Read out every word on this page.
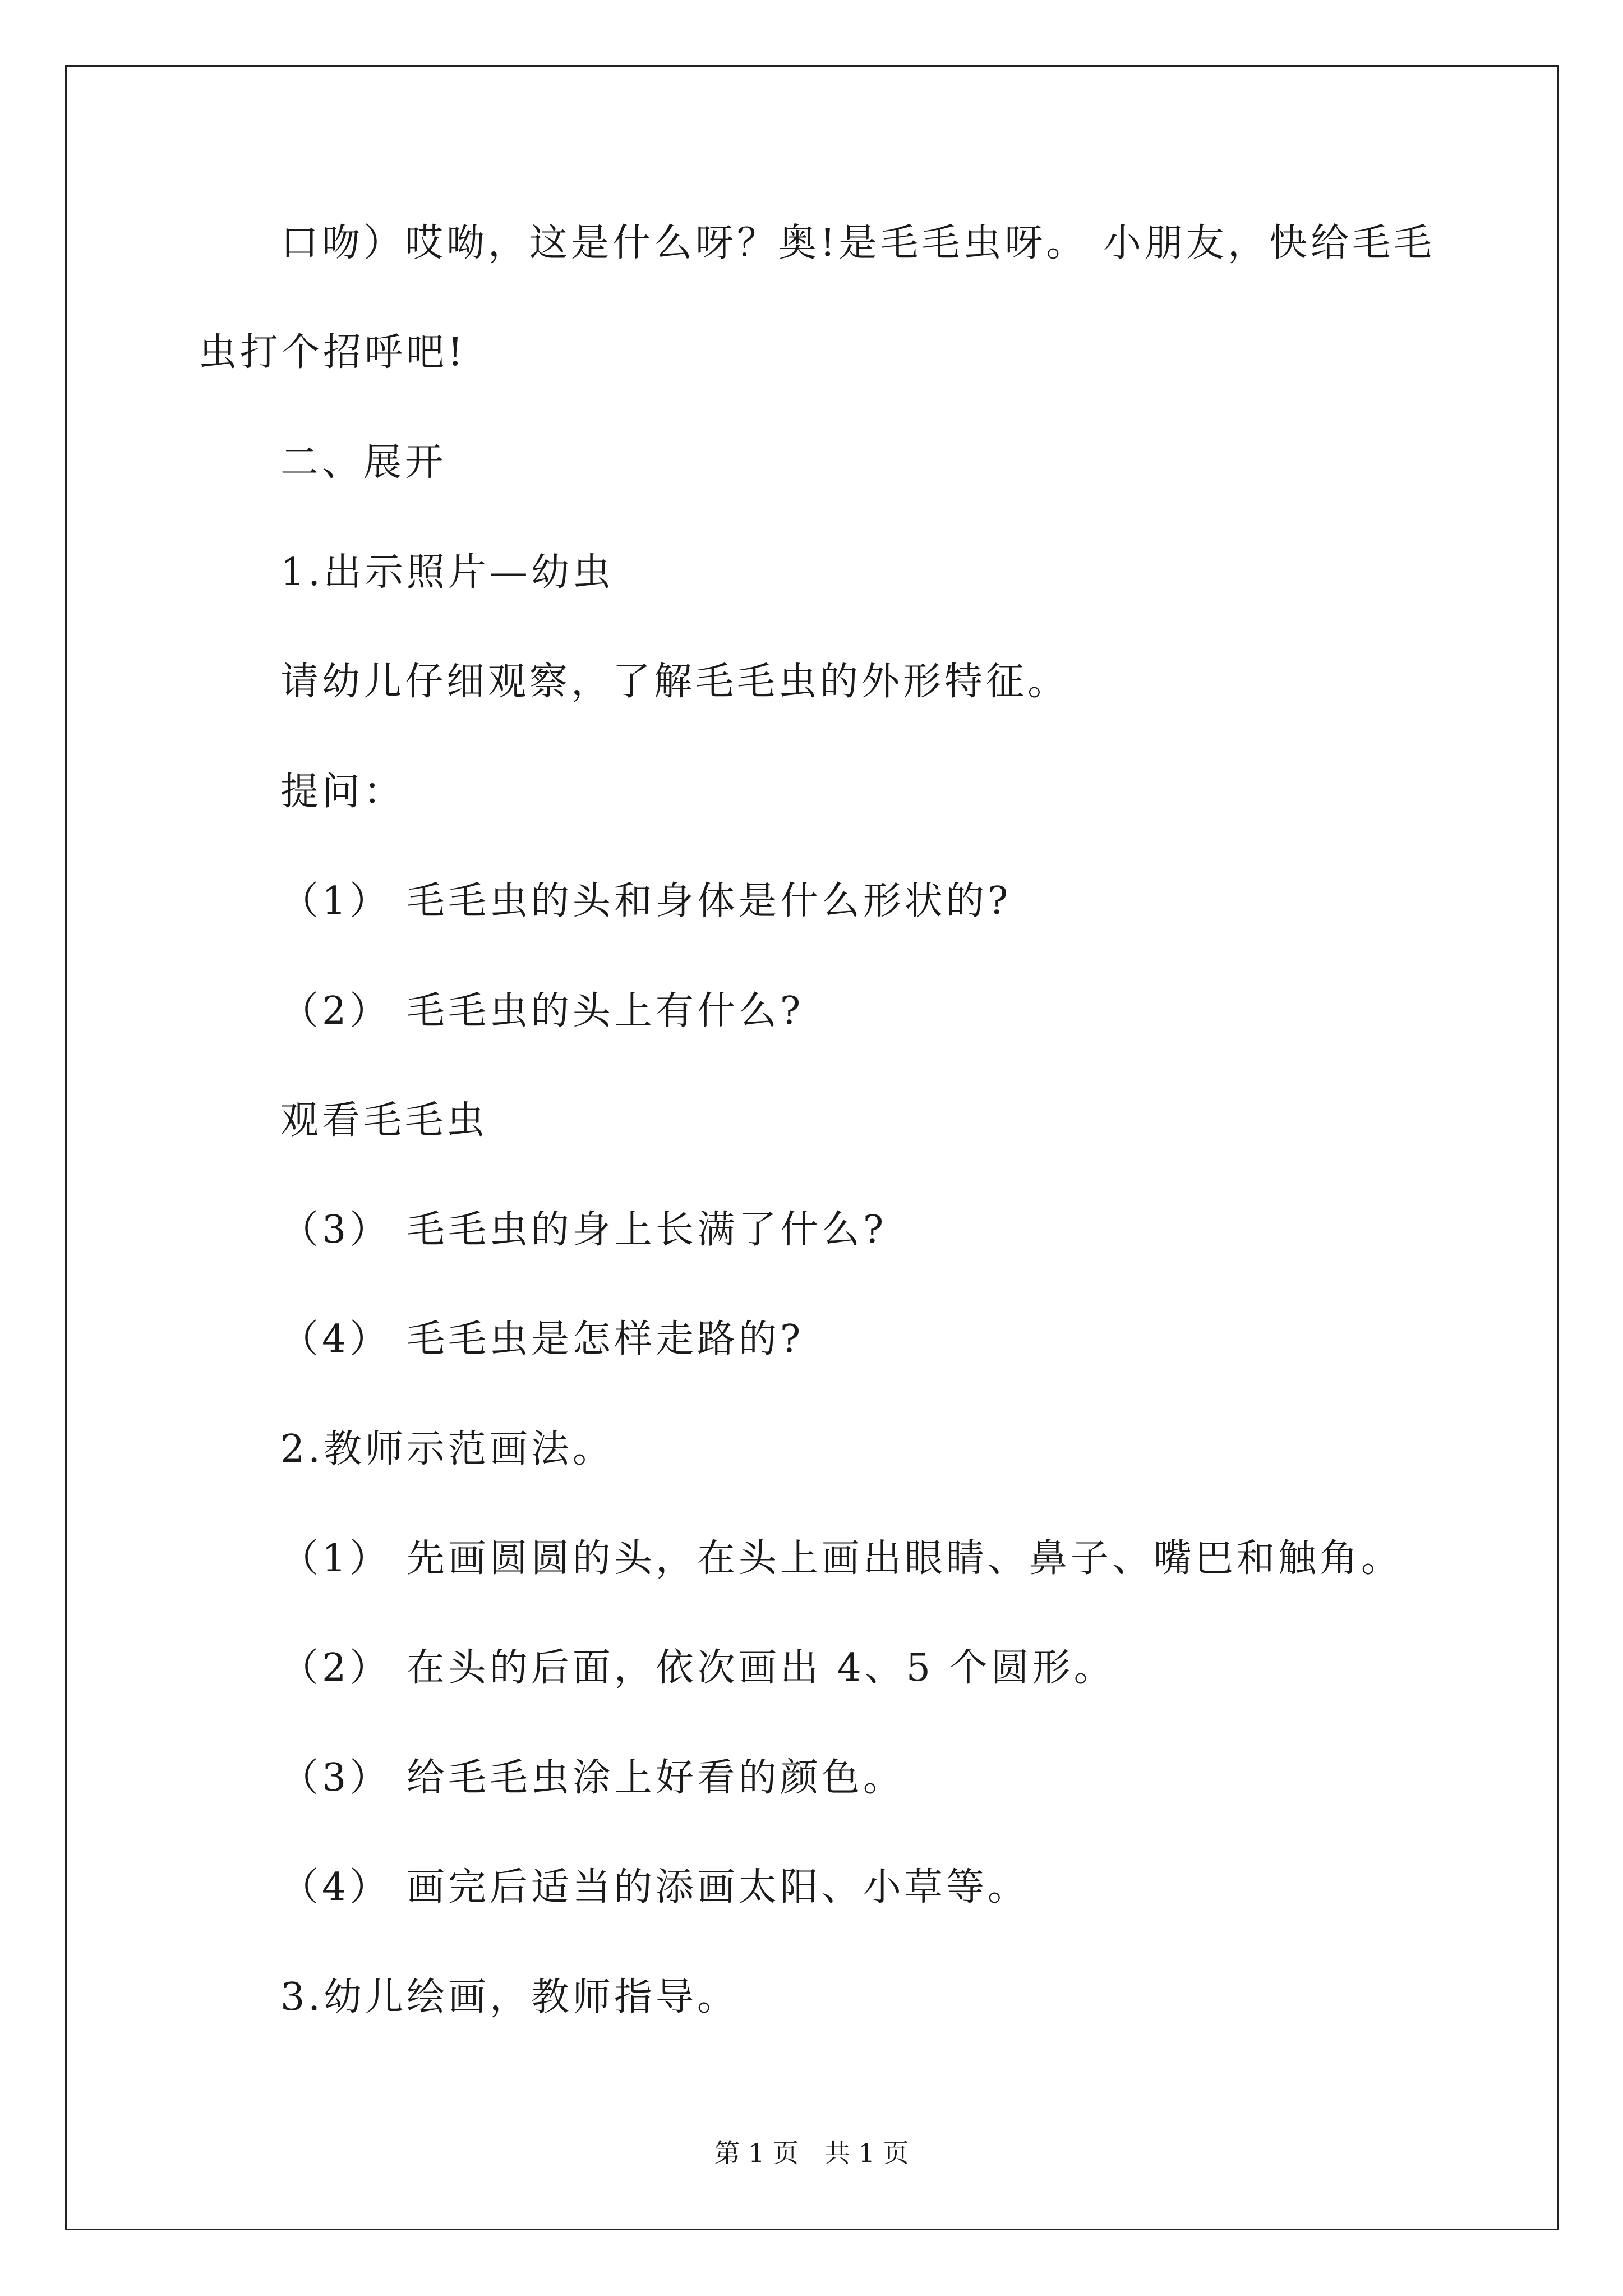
口吻）哎呦，这是什么呀？奥!是毛毛虫呀。 小朋友，快给毛毛
虫打个招呼吧!
二、展开
1.出示照片—幼虫
请幼儿仔细观察，了解毛毛虫的外形特征。
提问：
（1） 毛毛虫的头和身体是什么形状的?
（2） 毛毛虫的头上有什么?
观看毛毛虫
（3） 毛毛虫的身上长满了什么?
（4） 毛毛虫是怎样走路的?
2.教师示范画法。
（1） 先画圆圆的头，在头上画出眼睛、鼻子、嘴巴和触角。
（2） 在头的后面，依次画出 4、5 个圆形。
（3） 给毛毛虫涂上好看的颜色。
（4） 画完后适当的添画太阳、小草等。
3.幼儿绘画，教师指导。
第 1 页　共 1 页
